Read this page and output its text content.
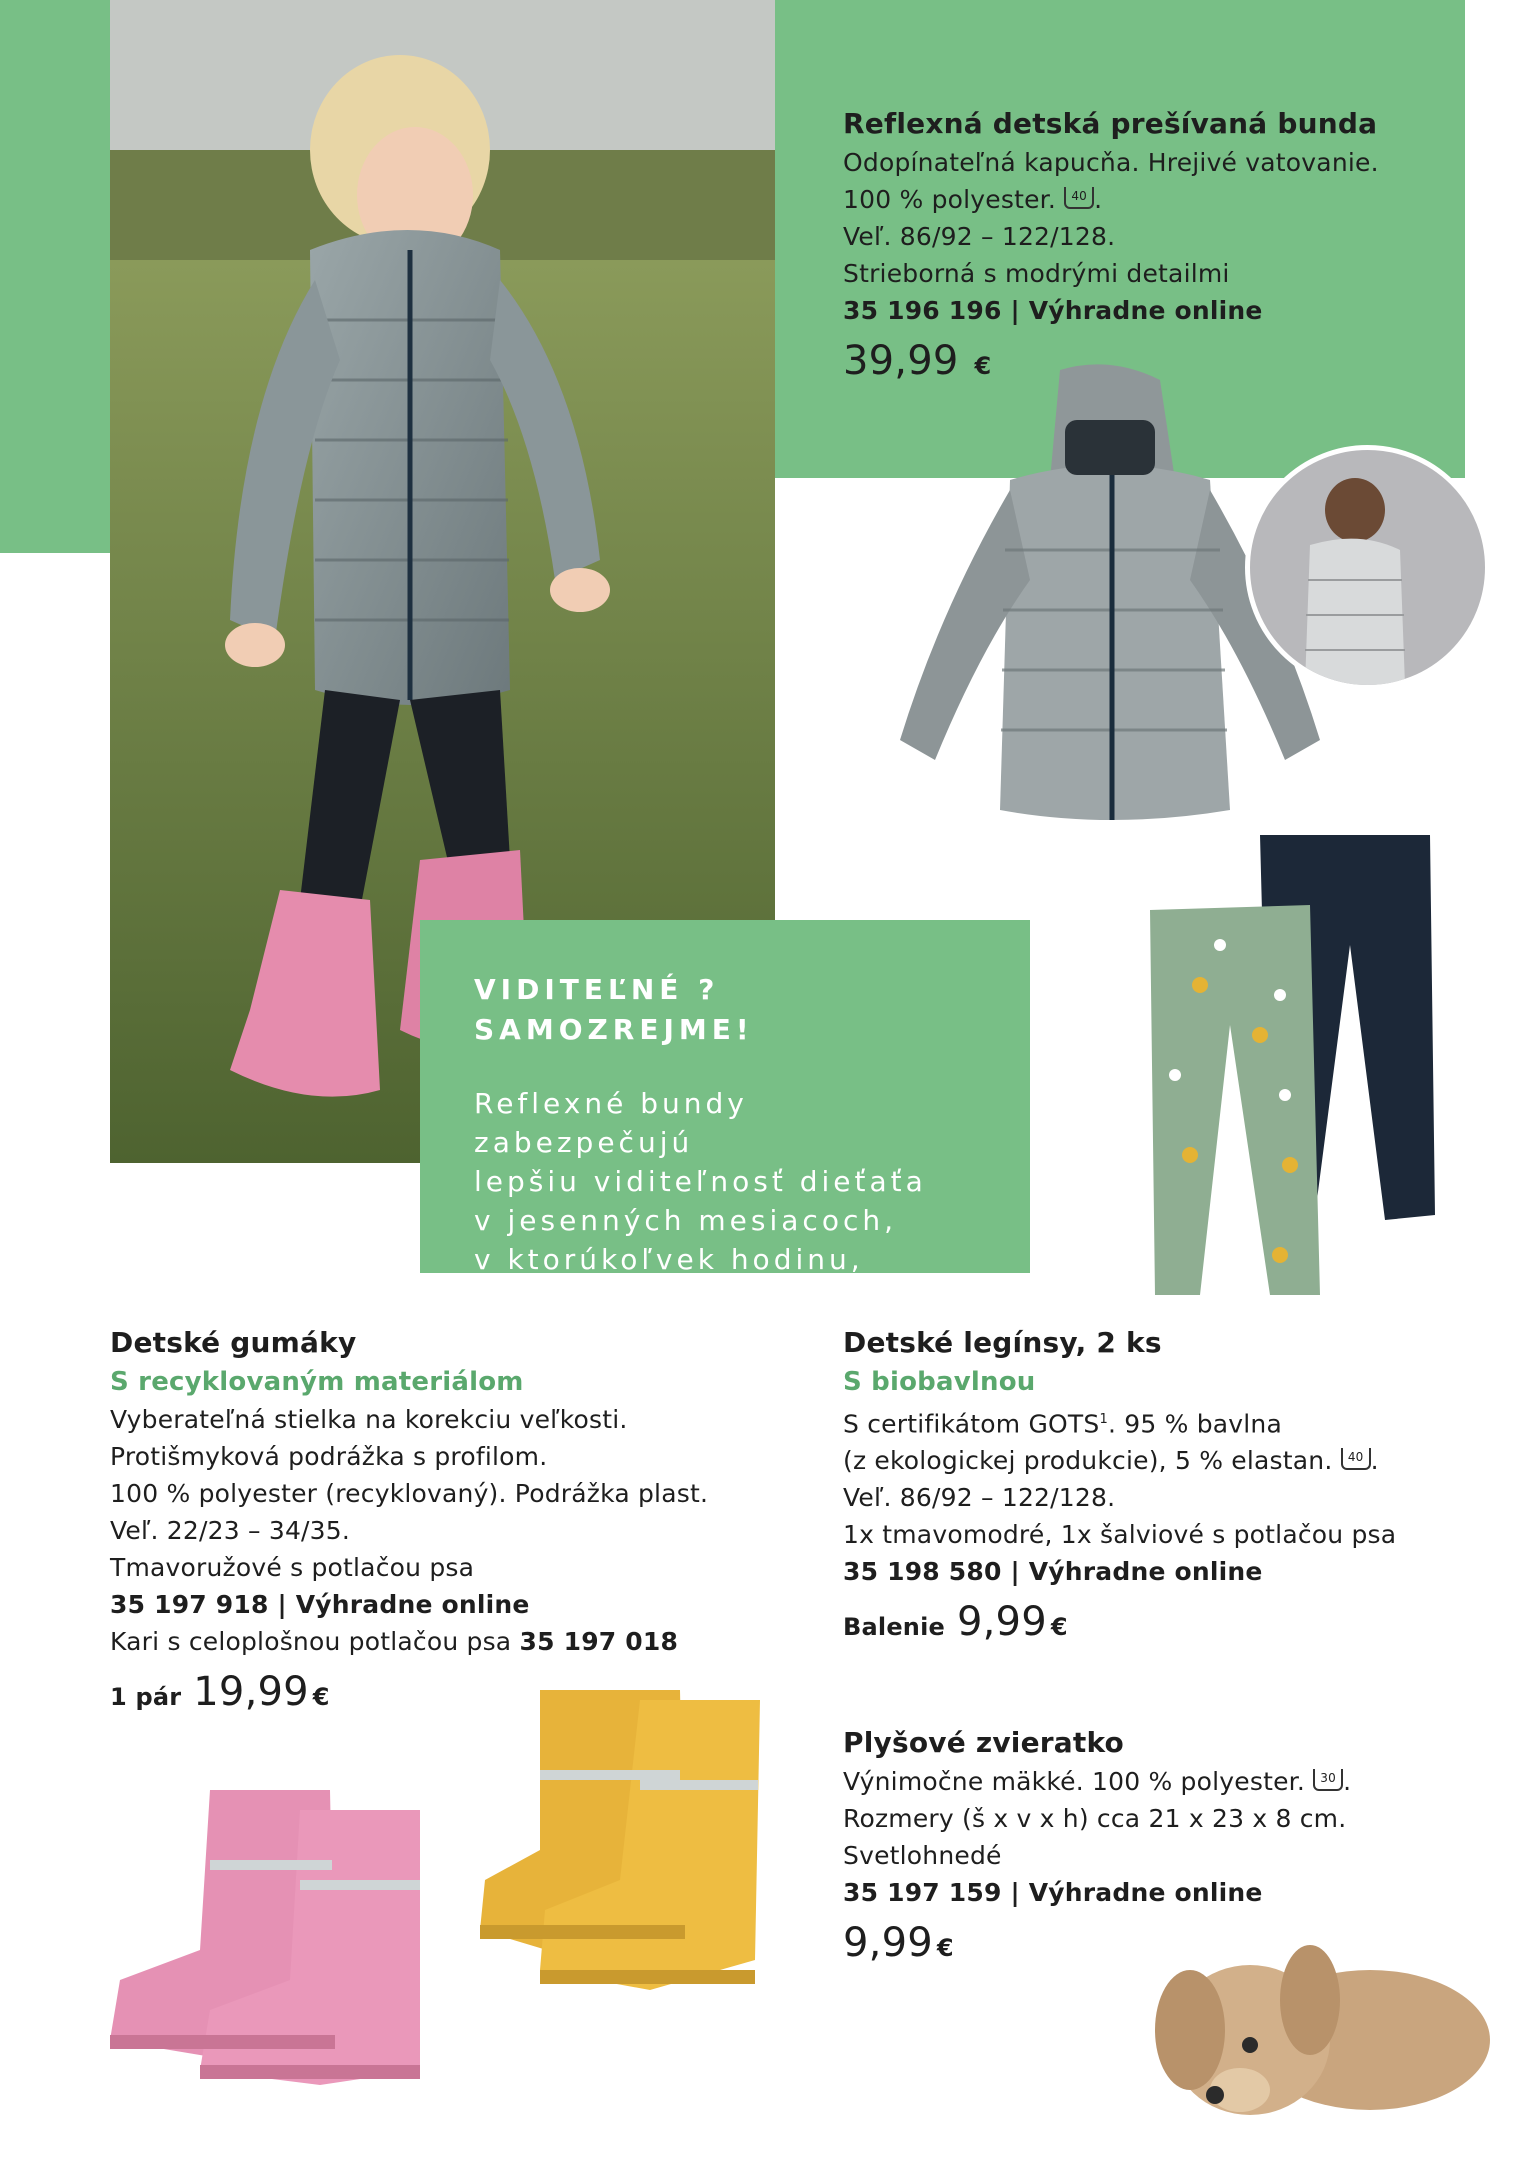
Reflexná detská prešívaná bunda
Odopínateľná kapucňa. Hrejivé vatovanie.
100 % polyester. 40 .
Veľ. 86/92 – 122/128.
Strieborná s modrými detailmi
35 196 196 | Výhradne online
39,99 €
VIDITEĽNÉ ? SAMOZREJME!
Reflexné bundy zabezpečujú
lepšiu viditeľnosť dieťaťa
v jesenných mesiacoch,
v ktorúkoľvek hodinu,
pri vetre a v zlom počasí.
Detské gumáky
S recyklovaným materiálom
Vyberateľná stielka na korekciu veľkosti.
Protišmyková podrážka s profilom.
100 % polyester (recyklovaný). Podrážka plast.
Veľ. 22/23 – 34/35.
Tmavoružové s potlačou psa
35 197 918 | Výhradne online
Kari s celoplošnou potlačou psa 35 197 018
1 pár 19,99 €
Detské legínsy, 2 ks
S biobavlnou
S certifikátom GOTS$^1$. 95 % bavlna
(z ekologickej produkcie), 5 % elastan. 40 .
Veľ. 86/92 – 122/128.
1x tmavomodré, 1x šalviové s potlačou psa
35 198 580 | Výhradne online
Balenie 9,99 €
Plyšové zvieratko
Výnimočne mäkké. 100 % polyester. 30 .
Rozmery (š x v x h) cca 21 x 23 x 8 cm.
Svetlohnedé
35 197 159 | Výhradne online
9,99 €
